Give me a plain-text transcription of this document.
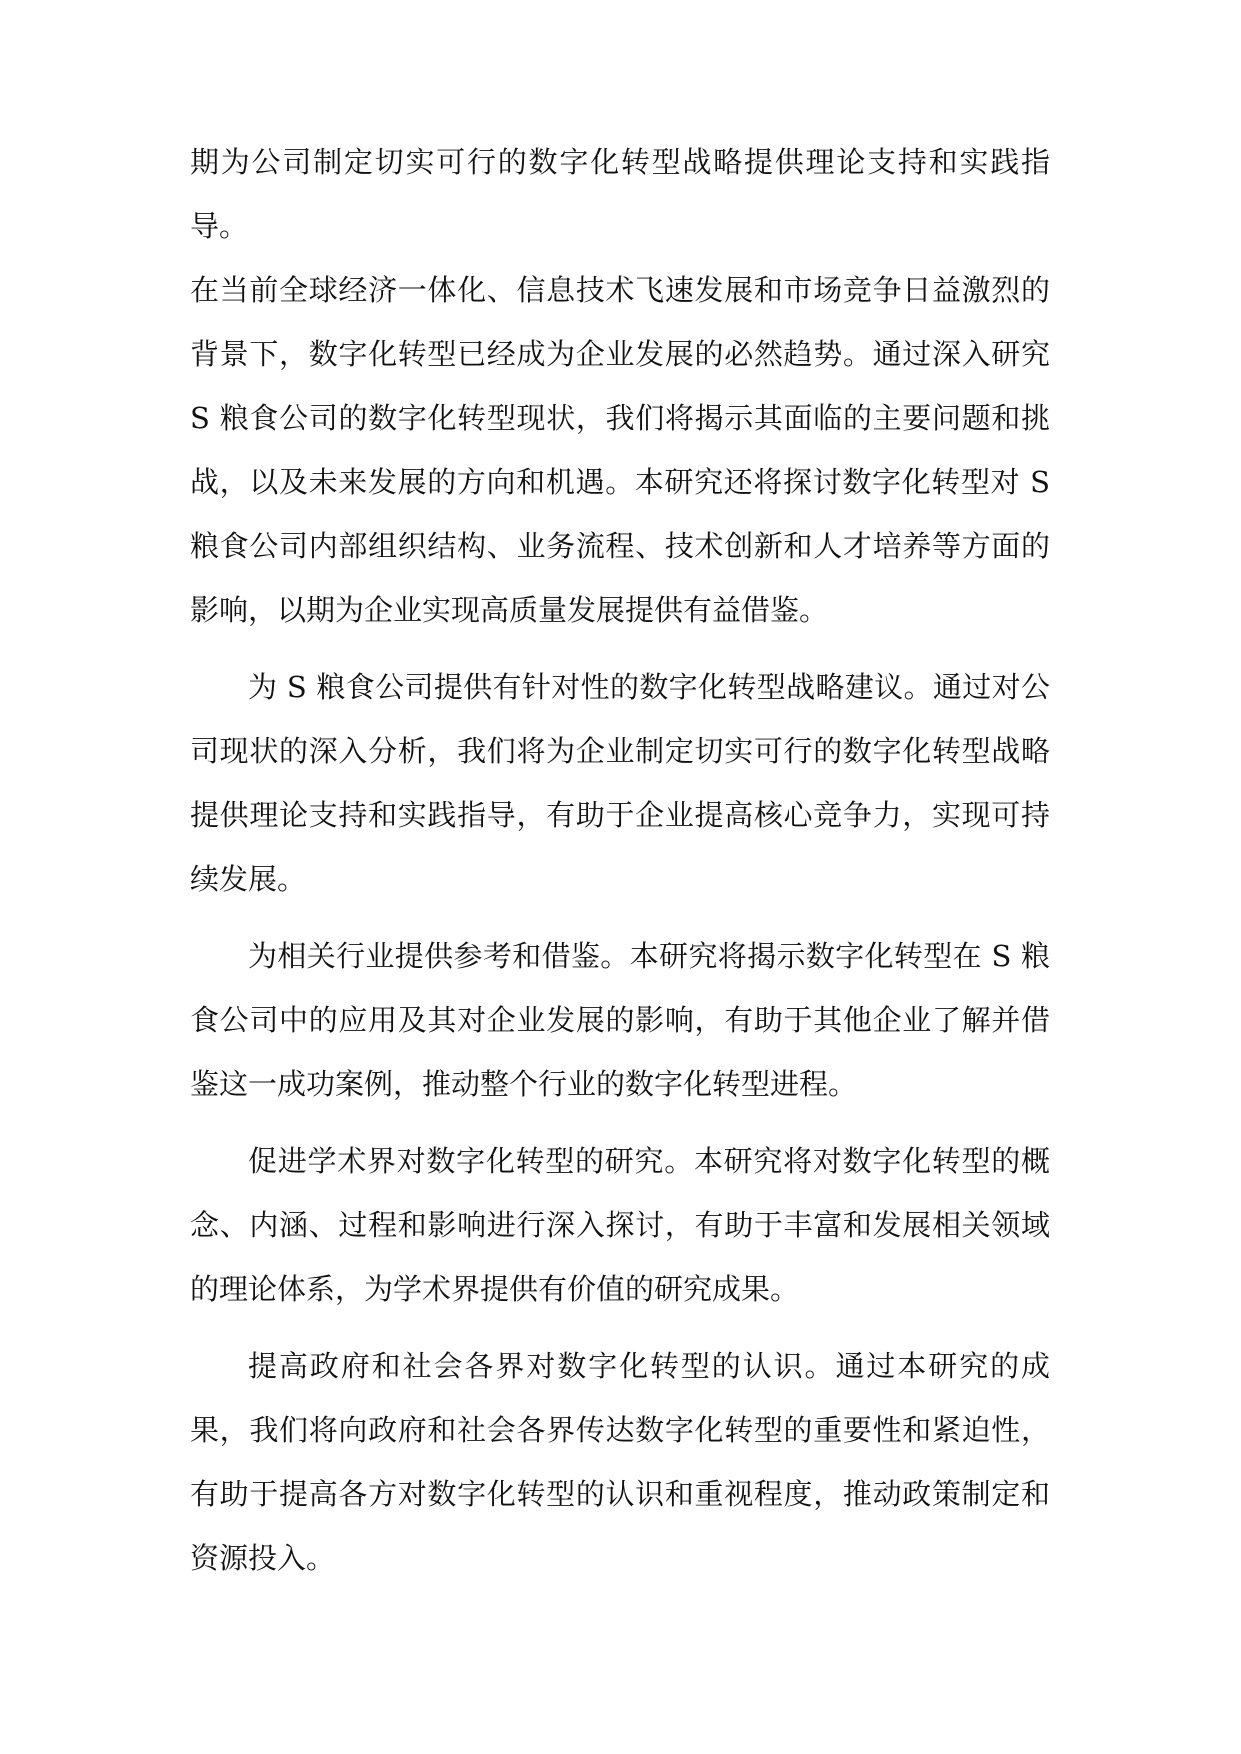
期为公司制定切实可行的数字化转型战略提供理论支持和实践指导。

在当前全球经济一体化、信息技术飞速发展和市场竞争日益激烈的背景下，数字化转型已经成为企业发展的必然趋势。通过深入研究 S 粮食公司的数字化转型现状，我们将揭示其面临的主要问题和挑战，以及未来发展的方向和机遇。本研究还将探讨数字化转型对 S 粮食公司内部组织结构、业务流程、技术创新和人才培养等方面的影响，以期为企业实现高质量发展提供有益借鉴。

为 S 粮食公司提供有针对性的数字化转型战略建议。通过对公司现状的深入分析，我们将为企业制定切实可行的数字化转型战略提供理论支持和实践指导，有助于企业提高核心竞争力，实现可持续发展。

为相关行业提供参考和借鉴。本研究将揭示数字化转型在 S 粮食公司中的应用及其对企业发展的影响，有助于其他企业了解并借鉴这一成功案例，推动整个行业的数字化转型进程。

促进学术界对数字化转型的研究。本研究将对数字化转型的概念、内涵、过程和影响进行深入探讨，有助于丰富和发展相关领域的理论体系，为学术界提供有价值的研究成果。

提高政府和社会各界对数字化转型的认识。通过本研究的成果，我们将向政府和社会各界传达数字化转型的重要性和紧迫性，有助于提高各方对数字化转型的认识和重视程度，推动政策制定和资源投入。
